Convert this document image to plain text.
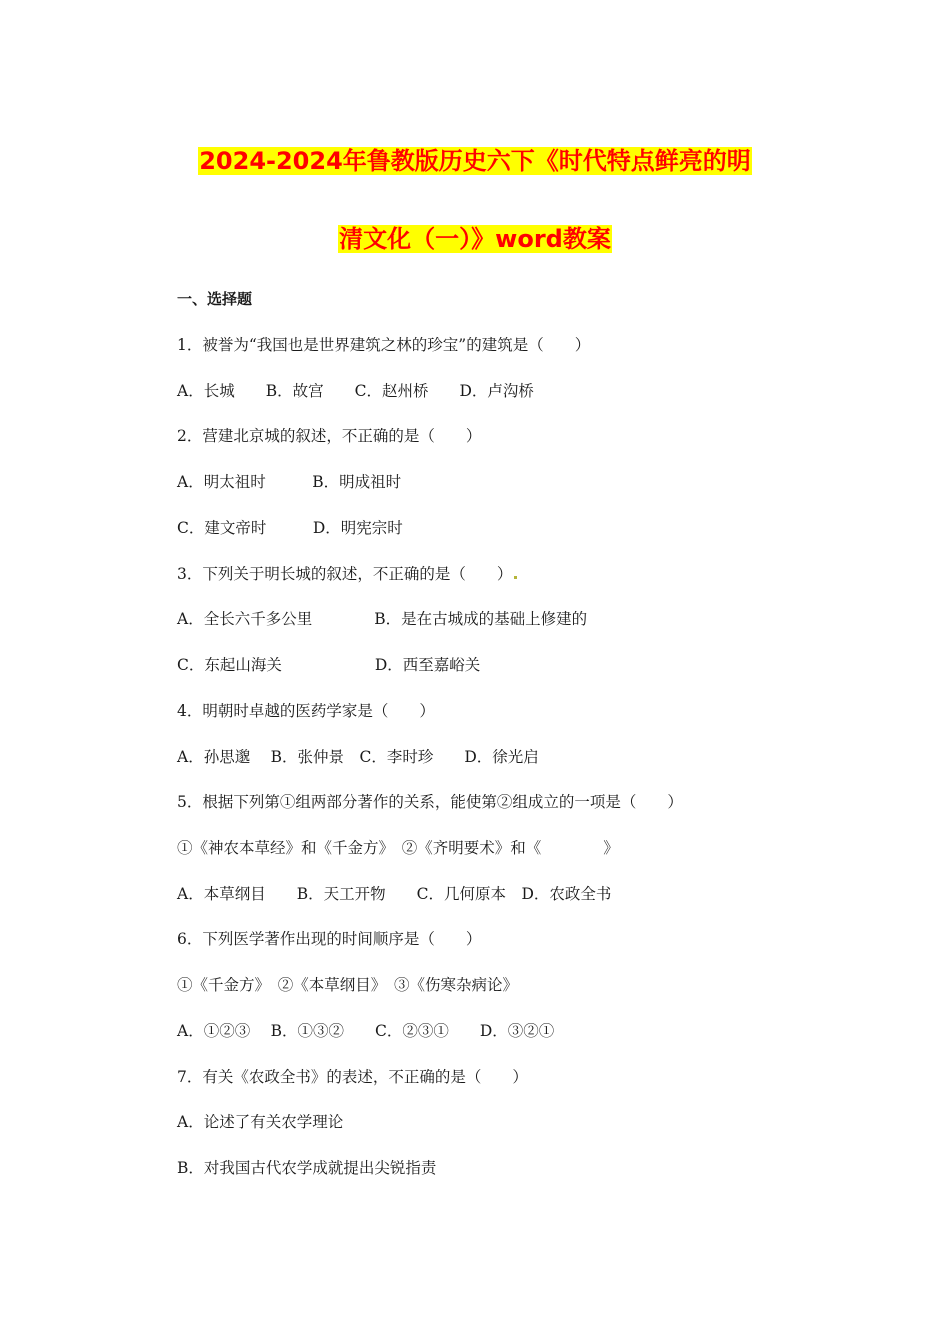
2024-2024年鲁教版历史六下《时代特点鲜亮的明
清文化（一）》word教案
一、选择题
1．被誉为“我国也是世界建筑之林的珍宝”的建筑是（　　）
A．长城　　B．故宫　　C．赵州桥　　D．卢沟桥
2．营建北京城的叙述，不正确的是（　　）
A．明太祖时　　　B．明成祖时
C．建文帝时　　　D．明宪宗时
3．下列关于明长城的叙述，不正确的是（　　）
A．全长六千多公里　　　　B．是在古城成的基础上修建的
C．东起山海关　　　　　　D．西至嘉峪关
4．明朝时卓越的医药学家是（　　）
A．孙思邈　 B．张仲景　C．李时珍　　D．徐光启
5．根据下列第①组两部分著作的关系，能使第②组成立的一项是（　　）
①《神农本草经》和《千金方》　②《齐明要术》和《　　　　》
A．本草纲目　　B．天工开物　　C．几何原本　D．农政全书
6．下列医学著作出现的时间顺序是（　　）
①《千金方》　②《本草纲目》　③《伤寒杂病论》
A．①②③　 B．①③②　　C．②③①　　D．③②①
7．有关《农政全书》的表述，不正确的是（　　）
A．论述了有关农学理论
B．对我国古代农学成就提出尖锐指责
